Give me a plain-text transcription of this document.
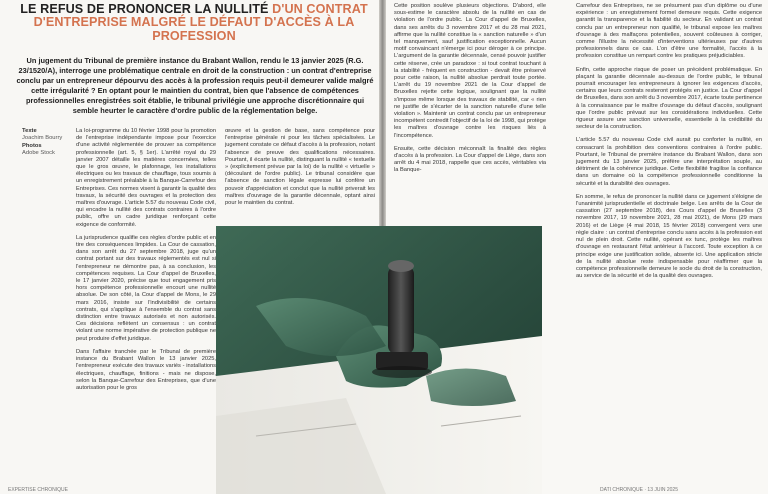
LE REFUS DE PRONONCER LA NULLITÉ D'UN CONTRAT
D'ENTREPRISE MALGRÉ LE DÉFAUT D'ACCÈS À LA
PROFESSION
Un jugement du Tribunal de première instance du Brabant Wallon, rendu le 13 janvier 2025 (R.G. 23/1520/A), interroge une problématique centrale en droit de la construction : un contrat d'entreprise conclu par un entrepreneur dépourvu des accès à la profession requis peut-il demeurer valide malgré cette irrégularité ? En optant pour le maintien du contrat, bien que l'absence de compétences professionnelles enregistrées soit établie, le tribunal privilégie une approche discrétionnaire qui semble heurter le caractère d'ordre public de la réglementation belge.
Texte
Joachim Bourry
Photos
Adobe Stock

La loi-programme du 10 février 1998 pour la promotion de l'entreprise indépendante impose pour l'exercice d'une activité réglementée de prouver sa compétence professionnelle (art. 5, § 1er). L'arrêté royal du 29 janvier 2007 détaille les matières concernées, telles que le gros œuvre, le plafonnage, les installations électriques ou les travaux de chauffage, tous soumis à un enregistrement préalable à la Banque-Carrefour des Entreprises. Ces normes visent à garantir la qualité des travaux, la sécurité des ouvrages et la protection des maîtres d'ouvrage. L'article 5.57 du nouveau Code civil, qui encadre la nullité des contrats contraires à l'ordre public, offre un cadre juridique renforçant cette exigence de conformité.

La jurisprudence qualifie ces règles d'ordre public et en tire des conséquences limpides. La Cour de cassation, dans son arrêt du 27 septembre 2018, juge qu'un contrat portant sur des travaux réglementés est nul si l'entrepreneur ne démontre pas, à sa conclusion, les compétences requises. La Cour d'appel de Bruxelles, le 17 janvier 2020, précise que tout engagement pris hors compétence professionnelle encourt une nullité absolue. De son côté, la Cour d'appel de Mons, le 29 mars 2016, insiste sur l'indivisibilité de certains contrats, qui s'applique à l'ensemble du contrat sans distinction entre travaux autorisés et non autorisés. Ces décisions reflètent un consensus : un contrat violant une norme impérative de protection publique ne peut produire d'effet juridique.

Dans l'affaire tranchée par le Tribunal de première instance du Brabant Wallon le 13 janvier 2025, l'entrepreneur exécute des travaux variés - installations électriques, chauffage, finitions - mais ne dispose, selon la Banque-Carrefour des Entreprises, que d'une autorisation pour le gros

œuvre et la gestion de base, sans compétence pour l'entreprise générale ni pour les tâches spécialisées. Le jugement constate ce défaut d'accès à la profession, notant l'absence de preuve des qualifications nécessaires. Pourtant, il écarte la nullité, distinguant la nullité « textuelle » (explicitement prévue par la loi) de la nullité « virtuelle » (découlant de l'ordre public). Le tribunal considère que l'absence de sanction légale expresse lui confère un pouvoir d'appréciation et conclut que la nullité priverait les maîtres d'ouvrage de la garantie décennale, optant ainsi pour le maintien du contrat.

EXPERTISE CHRONIQUE	DATI CHRONIQUE · 13 JUIN 2025

Cette position soulève plusieurs objections. D'abord, elle sous-estime le caractère absolu de la nullité en cas de violation de l'ordre public. La Cour d'appel de Bruxelles, dans ses arrêts du 3 novembre 2017 et du 28 mai 2021, affirme que la nullité constitue la « sanction naturelle » d'un tel manquement, sauf justification exceptionnelle. Aucun motif convaincant n'émerge ici pour déroger à ce principe. L'argument de la garantie décennale, censé pouvoir justifier cette réserve, crée un paradoxe : si tout contrat touchant à la stabilité - fréquent en construction - devait être préservé pour cette raison, la nullité absolue perdrait toute portée. L'arrêt du 19 novembre 2021 de la Cour d'appel de Bruxelles rejette cette logique, soulignant que la nullité s'impose même lorsque des travaux de stabilité, car « rien ne justifie de s'écarter de la sanction naturelle d'une telle violation ». Maintenir un contrat conclu par un entrepreneur incompétent contredit l'objectif de la loi de 1998, qui protège les maîtres d'ouvrage contre les risques liés à l'incompétence.

Ensuite, cette décision méconnaît la finalité des règles d'accès à la profession. La Cour d'appel de Liège, dans son arrêt du 4 mai 2018, rappelle que ces accès, véritables via la Banque-

Carrefour des Entreprises, ne se présument pas d'un diplôme ou d'une expérience : un enregistrement formel demeure requis. Cette exigence garantit la transparence et la fiabilité du secteur. En validant un contrat conclu par un entrepreneur non qualifié, le tribunal expose les maîtres d'ouvrage à des malfaçons potentielles, souvent coûteuses à corriger, comme l'illustre la nécessité d'interventions ultérieuses par d'autres professionnels dans ce cas. L'on d'être une formalité, l'accès à la profession constitue un rempart contre les pratiques préjudiciables.

Enfin, cette approche risque de poser un précédent problématique. En plaçant la garantie décennale au-dessus de l'ordre public, le tribunal pourrait encourager les entrepreneurs à ignorer les exigences d'accès, certains que leurs contrats resteront protégés en justice. La Cour d'appel de Bruxelles, dans son arrêt du 3 novembre 2017, écarte toute pertinence à la connaissance par le maître d'ouvrage du défaut d'accès, soulignant que l'ordre public prévaut sur les considérations individuelles. Cette rigueur assure une sanction universelle, essentielle à la crédibilité du secteur de la construction.

L'article 5.57 du nouveau Code civil aurait pu conforter la nullité, en consacrant la prohibition des conventions contraires à l'ordre public. Pourtant, le Tribunal de première instance du Brabant Wallon, dans son jugement du 13 janvier 2025, préfère une interprétation souple, au détriment de la cohérence juridique. Cette flexibilité fragilise la confiance dans un domaine où la compétence professionnelle conditionne la sécurité et la durabilité des ouvrages.

En somme, le refus de prononcer la nullité dans ce jugement s'éloigne de l'unanimité jurisprudentielle et doctrinale belge. Les arrêts de la Cour de cassation (27 septembre 2018), des Cours d'appel de Bruxelles (3 novembre 2017, 19 novembre 2021, 28 mai 2021), de Mons (29 mars 2016) et de Liège (4 mai 2018, 15 février 2018) convergent vers une règle claire : un contrat d'entreprise conclu sans accès à la profession est nul de plein droit. Cette nullité, opérant ex tunc, protège les maîtres d'ouvrage en restaurant l'état antérieur à l'accord. Toute exception à ce principe exige une justification solide, absente ici. Une application stricte de la nullité absolue reste indispensable pour réaffirmer que la compétence professionnelle demeure le socle du droit de la construction, au service de la sécurité et de la qualité des ouvrages.
